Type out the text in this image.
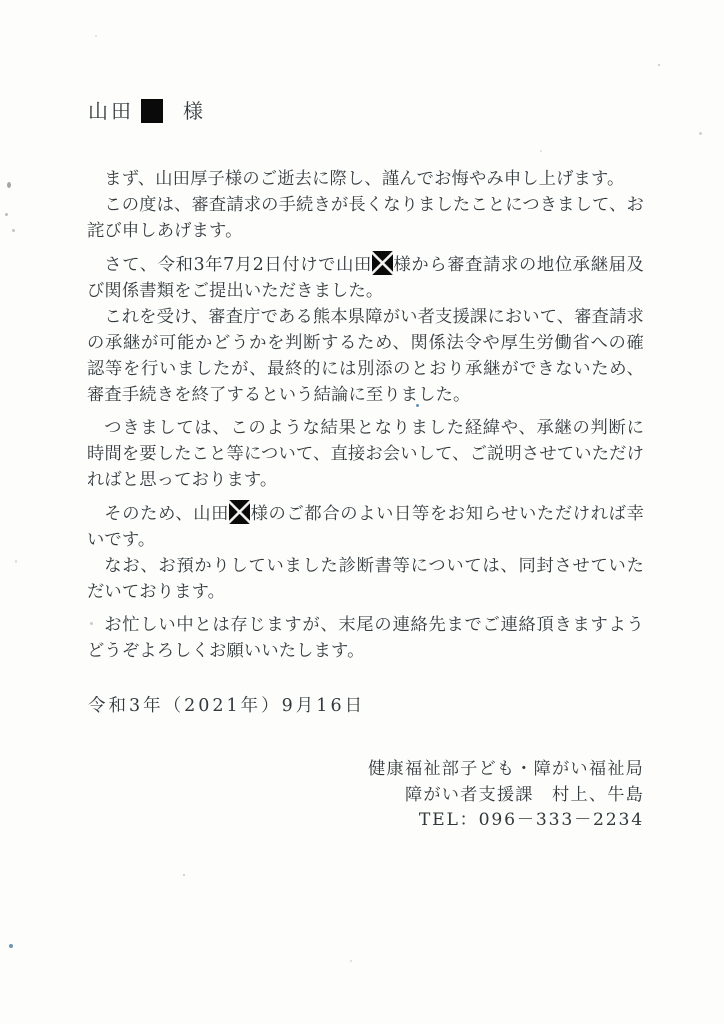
山田 様

まず、山田厚子様のご逝去に際し、謹んでお悔やみ申し上げます。

この度は、審査請求の手続きが長くなりましたことにつきまして、お詫び申しあげます。

さて、令和3年7月2日付けで山田 様から審査請求の地位承継届及び関係書類をご提出いただきました。

これを受け、審査庁である熊本県障がい者支援課において、審査請求の承継が可能かどうかを判断するため、関係法令や厚生労働省への確認等を行いましたが、最終的には別添のとおり承継ができないため、審査手続きを終了するという結論に至りました。

つきましては、このような結果となりました経緯や、承継の判断に時間を要したこと等について、直接お会いして、ご説明させていただければと思っております。

そのため、山田 様のご都合のよい日等をお知らせいただければ幸いです。

なお、お預かりしていました診断書等については、同封させていただいております。

お忙しい中とは存じますが、末尾の連絡先までご連絡頂きますようどうぞよろしくお願いいたします。

令和3年（2021年）9月16日
健康福祉部子ども・障がい福祉局
障がい者支援課　村上、牛島
TEL：096－333－2234
